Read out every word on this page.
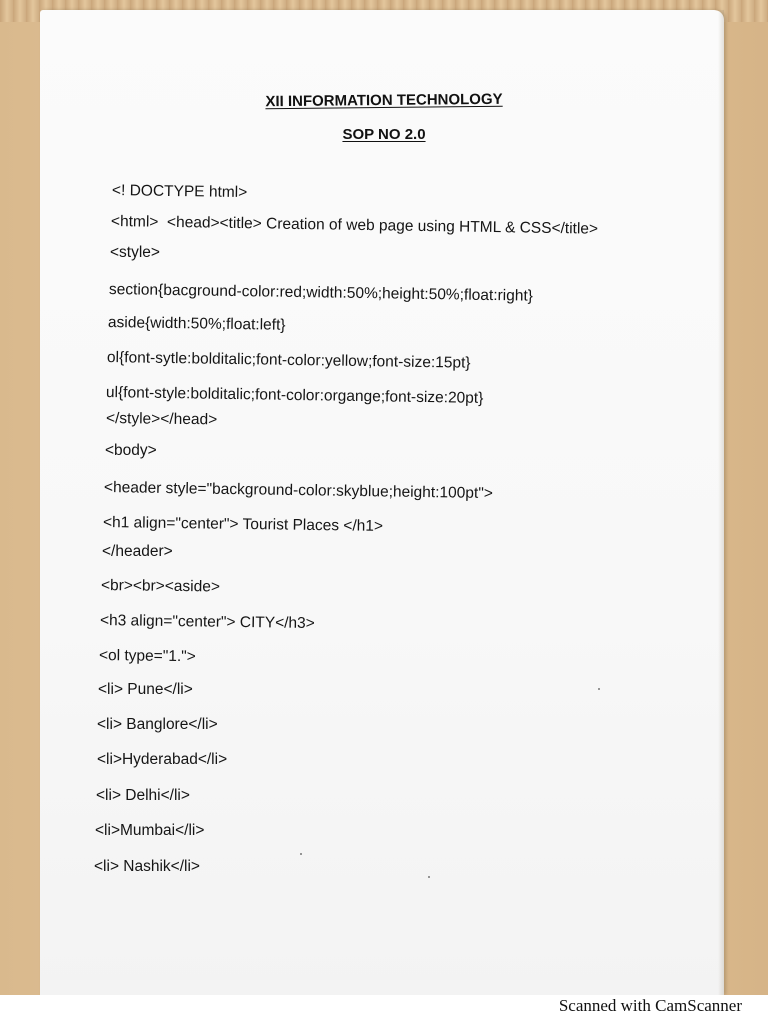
XII INFORMATION TECHNOLOGY
SOP NO 2.0

<! DOCTYPE html>

<html>  <head><title> Creation of web page using HTML & CSS</title>

<style>

section{bacground-color:red;width:50%;height:50%;float:right}

aside{width:50%;float:left}

ol{font-sytle:bolditalic;font-color:yellow;font-size:15pt}

ul{font-style:bolditalic;font-color:organge;font-size:20pt}

</style></head>

<body>

<header style="background-color:skyblue;height:100pt">

<h1 align="center"> Tourist Places </h1>

</header>

<br><br><aside>

<h3 align="center"> CITY</h3>

<ol type="1.">

<li> Pune</li>

<li> Banglore</li>

<li>Hyderabad</li>

<li> Delhi</li>

<li>Mumbai</li>

<li> Nashik</li>

Scanned with CamScanner
